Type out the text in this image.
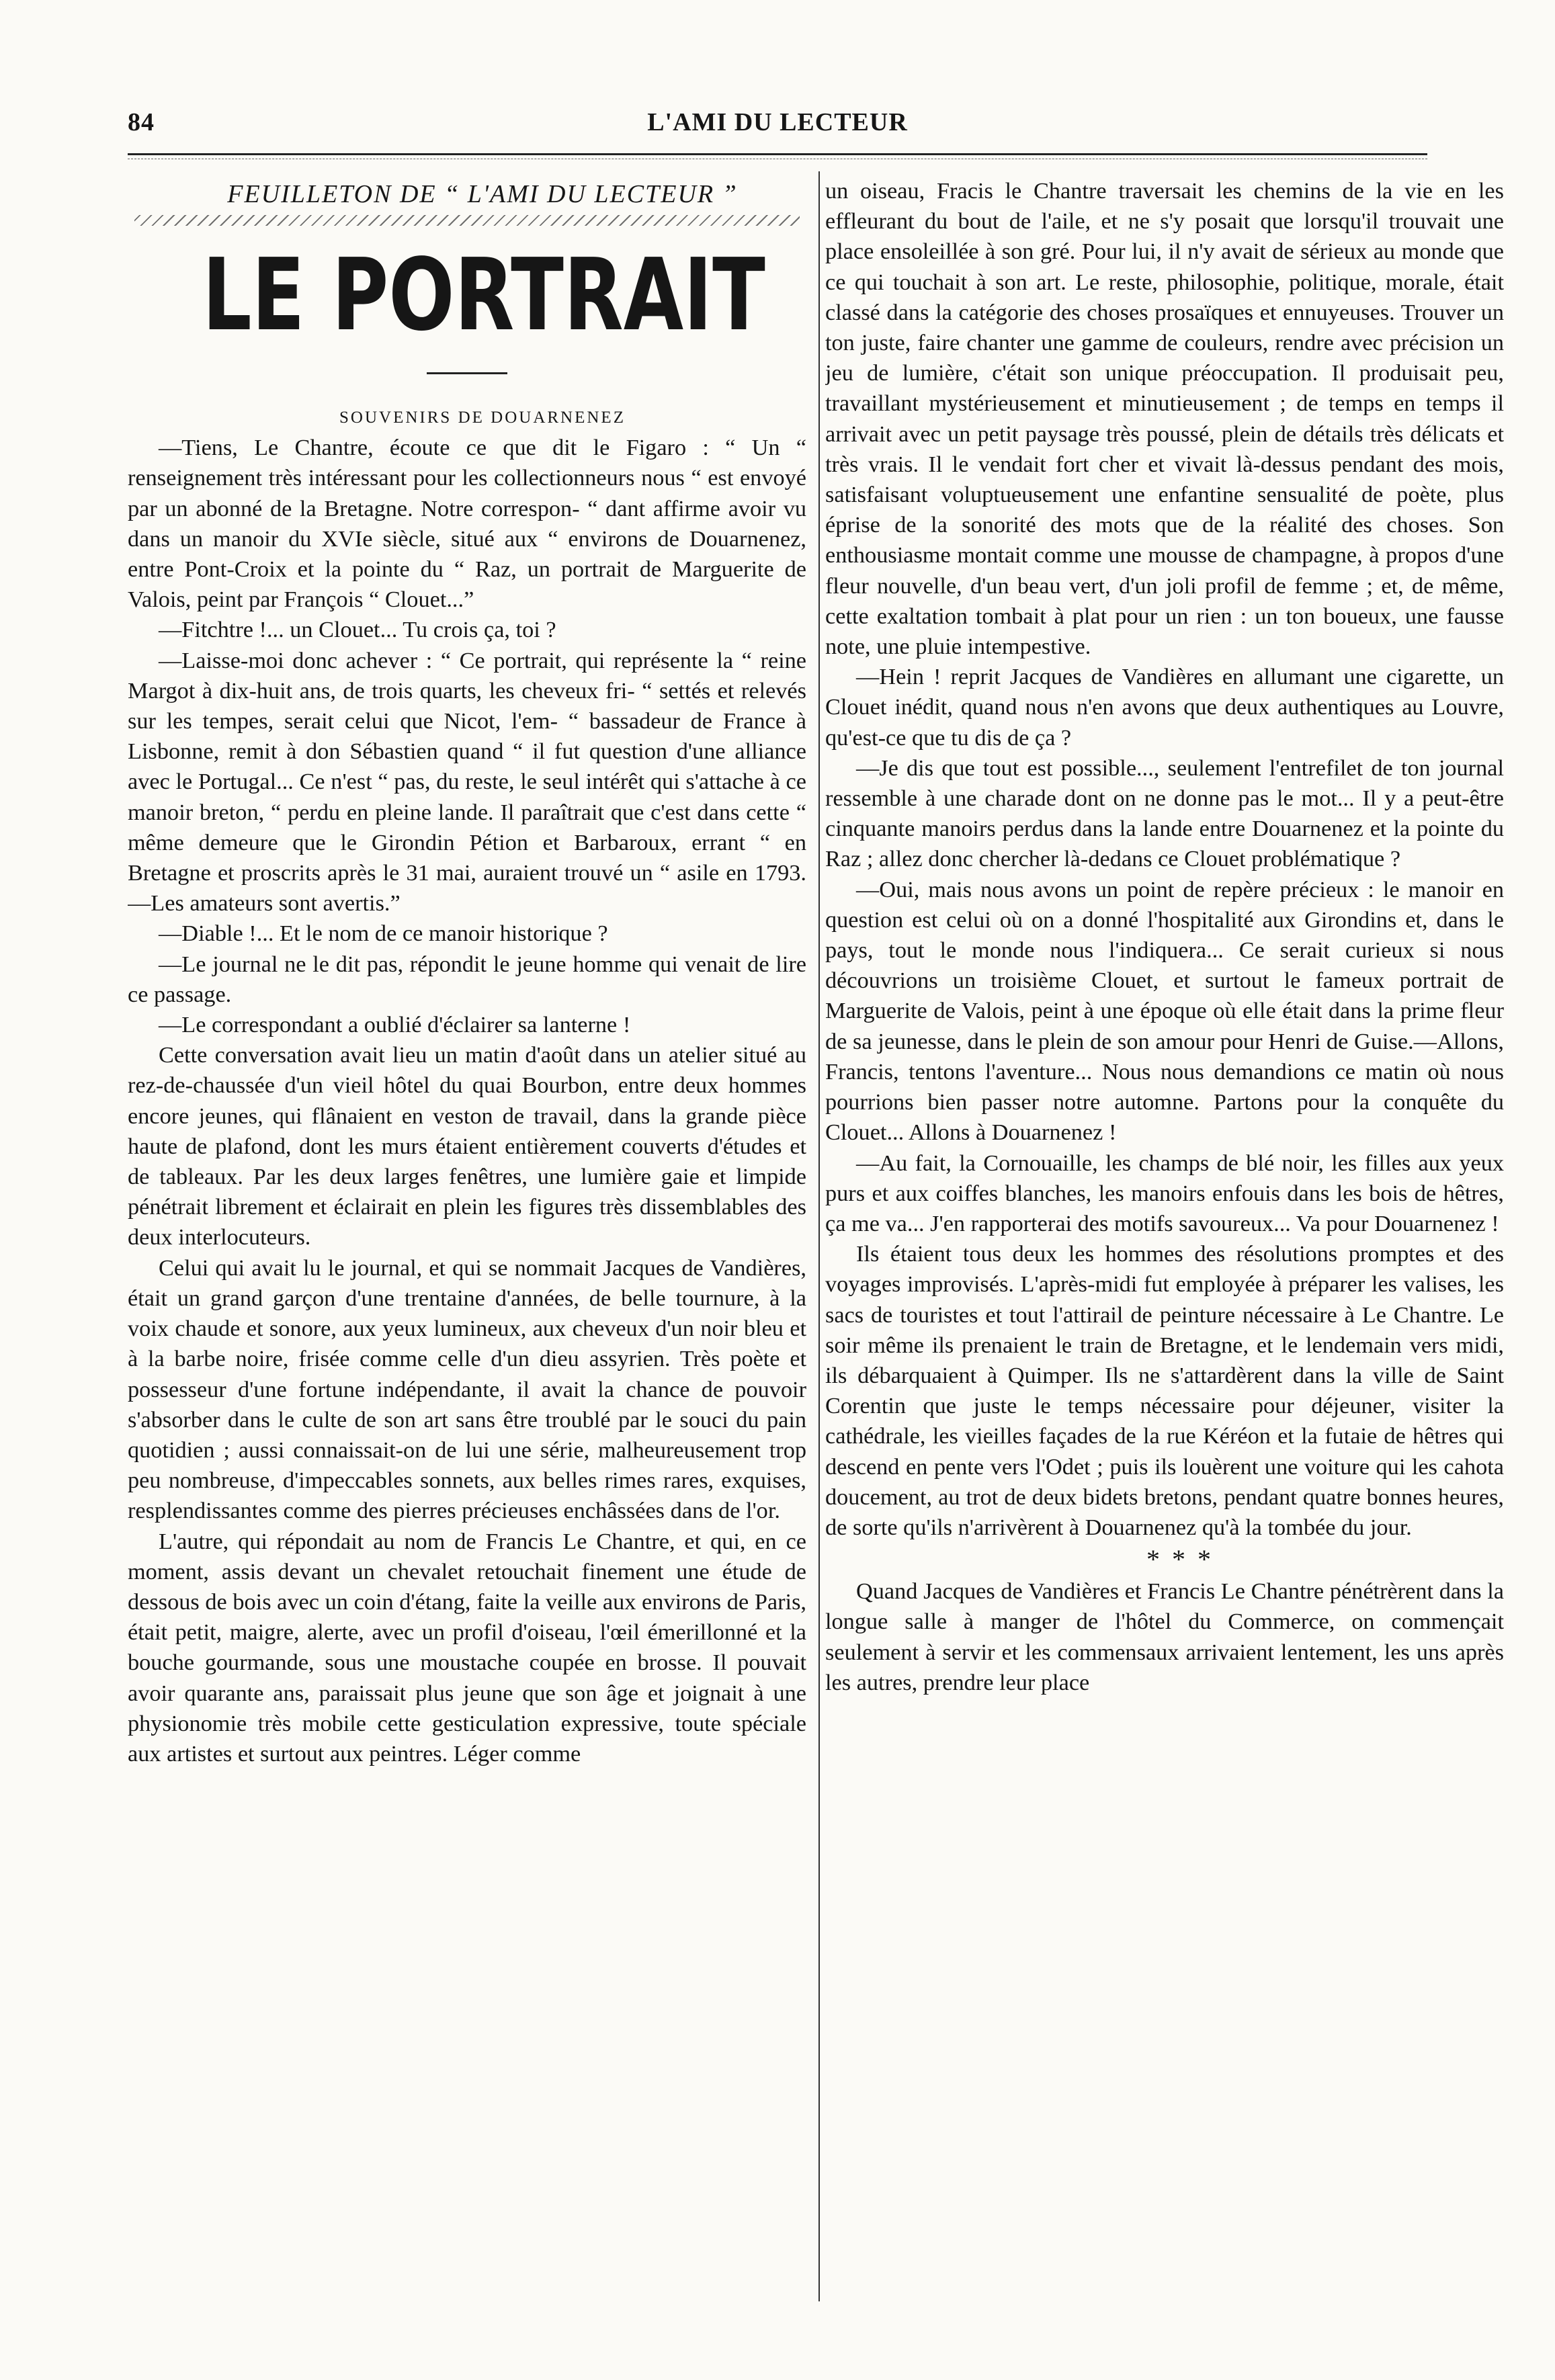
84	L'AMI DU LECTEUR

FEUILLETON DE “ L'AMI DU LECTEUR ”

LE PORTRAIT

SOUVENIRS DE DOUARNENEZ

—Tiens, Le Chantre, écoute ce que dit le Figaro : “ Un “ renseignement très intéressant pour les collectionneurs nous “ est envoyé par un abonné de la Bretagne. Notre correspon- “ dant affirme avoir vu dans un manoir du XVIe siècle, situé aux “ environs de Douarnenez, entre Pont-Croix et la pointe du “ Raz, un portrait de Marguerite de Valois, peint par François “ Clouet...”

—Fitchtre !... un Clouet... Tu crois ça, toi ?

—Laisse-moi donc achever : “ Ce portrait, qui représente la “ reine Margot à dix-huit ans, de trois quarts, les cheveux fri- “ settés et relevés sur les tempes, serait celui que Nicot, l'em- “ bassadeur de France à Lisbonne, remit à don Sébastien quand “ il fut question d'une alliance avec le Portugal... Ce n'est “ pas, du reste, le seul intérêt qui s'attache à ce manoir breton, “ perdu en pleine lande. Il paraîtrait que c'est dans cette “ même demeure que le Girondin Pétion et Barbaroux, errant “ en Bretagne et proscrits après le 31 mai, auraient trouvé un “ asile en 1793.—Les amateurs sont avertis.”

—Diable !... Et le nom de ce manoir historique ?

—Le journal ne le dit pas, répondit le jeune homme qui venait de lire ce passage.

—Le correspondant a oublié d'éclairer sa lanterne !

Cette conversation avait lieu un matin d'août dans un atelier situé au rez-de-chaussée d'un vieil hôtel du quai Bourbon, entre deux hommes encore jeunes, qui flânaient en veston de travail, dans la grande pièce haute de plafond, dont les murs étaient entièrement couverts d'études et de tableaux. Par les deux larges fenêtres, une lumière gaie et limpide pénétrait librement et éclairait en plein les figures très dissemblables des deux interlocuteurs.

Celui qui avait lu le journal, et qui se nommait Jacques de Vandières, était un grand garçon d'une trentaine d'années, de belle tournure, à la voix chaude et sonore, aux yeux lumineux, aux cheveux d'un noir bleu et à la barbe noire, frisée comme celle d'un dieu assyrien. Très poète et possesseur d'une fortune indépendante, il avait la chance de pouvoir s'absorber dans le culte de son art sans être troublé par le souci du pain quotidien ; aussi connaissait-on de lui une série, malheureusement trop peu nombreuse, d'impeccables sonnets, aux belles rimes rares, exquises, resplendissantes comme des pierres précieuses enchâssées dans de l'or.

L'autre, qui répondait au nom de Francis Le Chantre, et qui, en ce moment, assis devant un chevalet retouchait finement une étude de dessous de bois avec un coin d'étang, faite la veille aux environs de Paris, était petit, maigre, alerte, avec un profil d'oiseau, l'œil émerillonné et la bouche gourmande, sous une moustache coupée en brosse. Il pouvait avoir quarante ans, paraissait plus jeune que son âge et joignait à une physionomie très mobile cette gesticulation expressive, toute spéciale aux artistes et surtout aux peintres. Léger comme

un oiseau, Fracis le Chantre traversait les chemins de la vie en les effleurant du bout de l'aile, et ne s'y posait que lorsqu'il trouvait une place ensoleillée à son gré. Pour lui, il n'y avait de sérieux au monde que ce qui touchait à son art. Le reste, philosophie, politique, morale, était classé dans la catégorie des choses prosaïques et ennuyeuses. Trouver un ton juste, faire chanter une gamme de couleurs, rendre avec précision un jeu de lumière, c'était son unique préoccupation. Il produisait peu, travaillant mystérieusement et minutieusement ; de temps en temps il arrivait avec un petit paysage très poussé, plein de détails très délicats et très vrais. Il le vendait fort cher et vivait là-dessus pendant des mois, satisfaisant voluptueusement une enfantine sensualité de poète, plus éprise de la sonorité des mots que de la réalité des choses. Son enthousiasme montait comme une mousse de champagne, à propos d'une fleur nouvelle, d'un beau vert, d'un joli profil de femme ; et, de même, cette exaltation tombait à plat pour un rien : un ton boueux, une fausse note, une pluie intempestive.

—Hein ! reprit Jacques de Vandières en allumant une cigarette, un Clouet inédit, quand nous n'en avons que deux authentiques au Louvre, qu'est-ce que tu dis de ça ?

—Je dis que tout est possible..., seulement l'entrefilet de ton journal ressemble à une charade dont on ne donne pas le mot... Il y a peut-être cinquante manoirs perdus dans la lande entre Douarnenez et la pointe du Raz ; allez donc chercher là-dedans ce Clouet problématique ?

—Oui, mais nous avons un point de repère précieux : le manoir en question est celui où on a donné l'hospitalité aux Girondins et, dans le pays, tout le monde nous l'indiquera... Ce serait curieux si nous découvrions un troisième Clouet, et surtout le fameux portrait de Marguerite de Valois, peint à une époque où elle était dans la prime fleur de sa jeunesse, dans le plein de son amour pour Henri de Guise.—Allons, Francis, tentons l'aventure... Nous nous demandions ce matin où nous pourrions bien passer notre automne. Partons pour la conquête du Clouet... Allons à Douarnenez !

—Au fait, la Cornouaille, les champs de blé noir, les filles aux yeux purs et aux coiffes blanches, les manoirs enfouis dans les bois de hêtres, ça me va... J'en rapporterai des motifs savoureux... Va pour Douarnenez !

Ils étaient tous deux les hommes des résolutions promptes et des voyages improvisés. L'après-midi fut employée à préparer les valises, les sacs de touristes et tout l'attirail de peinture nécessaire à Le Chantre. Le soir même ils prenaient le train de Bretagne, et le lendemain vers midi, ils débarquaient à Quimper. Ils ne s'attardèrent dans la ville de Saint Corentin que juste le temps nécessaire pour déjeuner, visiter la cathédrale, les vieilles façades de la rue Kéréon et la futaie de hêtres qui descend en pente vers l'Odet ; puis ils louèrent une voiture qui les cahota doucement, au trot de deux bidets bretons, pendant quatre bonnes heures, de sorte qu'ils n'arrivèrent à Douarnenez qu'à la tombée du jour.

* * *

Quand Jacques de Vandières et Francis Le Chantre pénétrèrent dans la longue salle à manger de l'hôtel du Commerce, on commençait seulement à servir et les commensaux arrivaient lentement, les uns après les autres, prendre leur place
